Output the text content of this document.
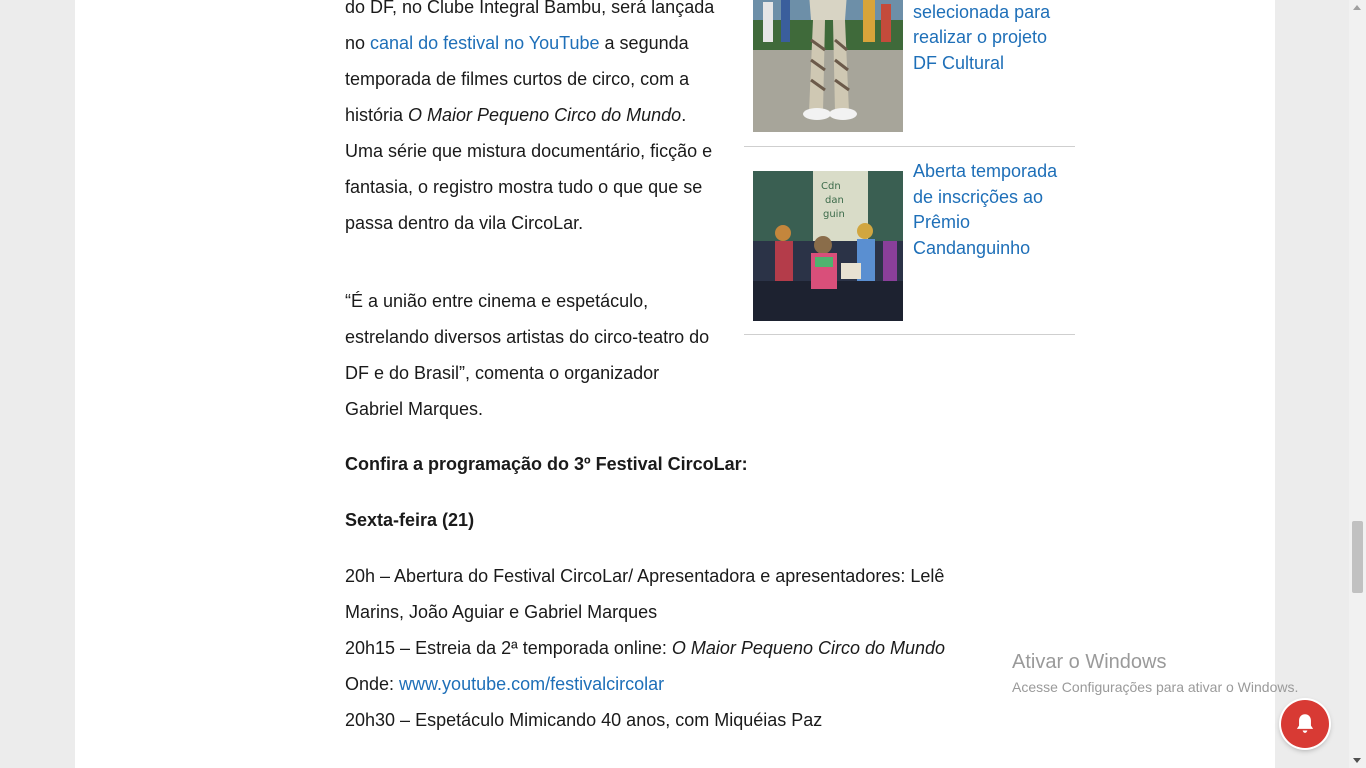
do DF, no Clube Integral Bambu, será lançada no canal do festival no YouTube a segunda temporada de filmes curtos de circo, com a história O Maior Pequeno Circo do Mundo. Uma série que mistura documentário, ficção e fantasia, o registro mostra tudo o que que se passa dentro da vila CircoLar.

“É a união entre cinema e espetáculo, estrelando diversos artistas do circo-teatro do DF e do Brasil”, comenta o organizador Gabriel Marques.

Confira a programação do 3º Festival CircoLar:

Sexta-feira (21)

20h – Abertura do Festival CircoLar/ Apresentadora e apresentadores: Lelê Marins, João Aguiar e Gabriel Marques

20h15 – Estreia da 2ª temporada online: O Maior Pequeno Circo do Mundo

Onde: www.youtube.com/festivalcircolar

20h30 – Espetáculo Mimicando 40 anos, com Miquéias Paz

selecionada para realizar o projeto DF Cultural
Cdn
dan
guin
Aberta temporada de inscrições ao Prêmio Candanguinho
Ativar o Windows
Acesse Configurações para ativar o Windows.
